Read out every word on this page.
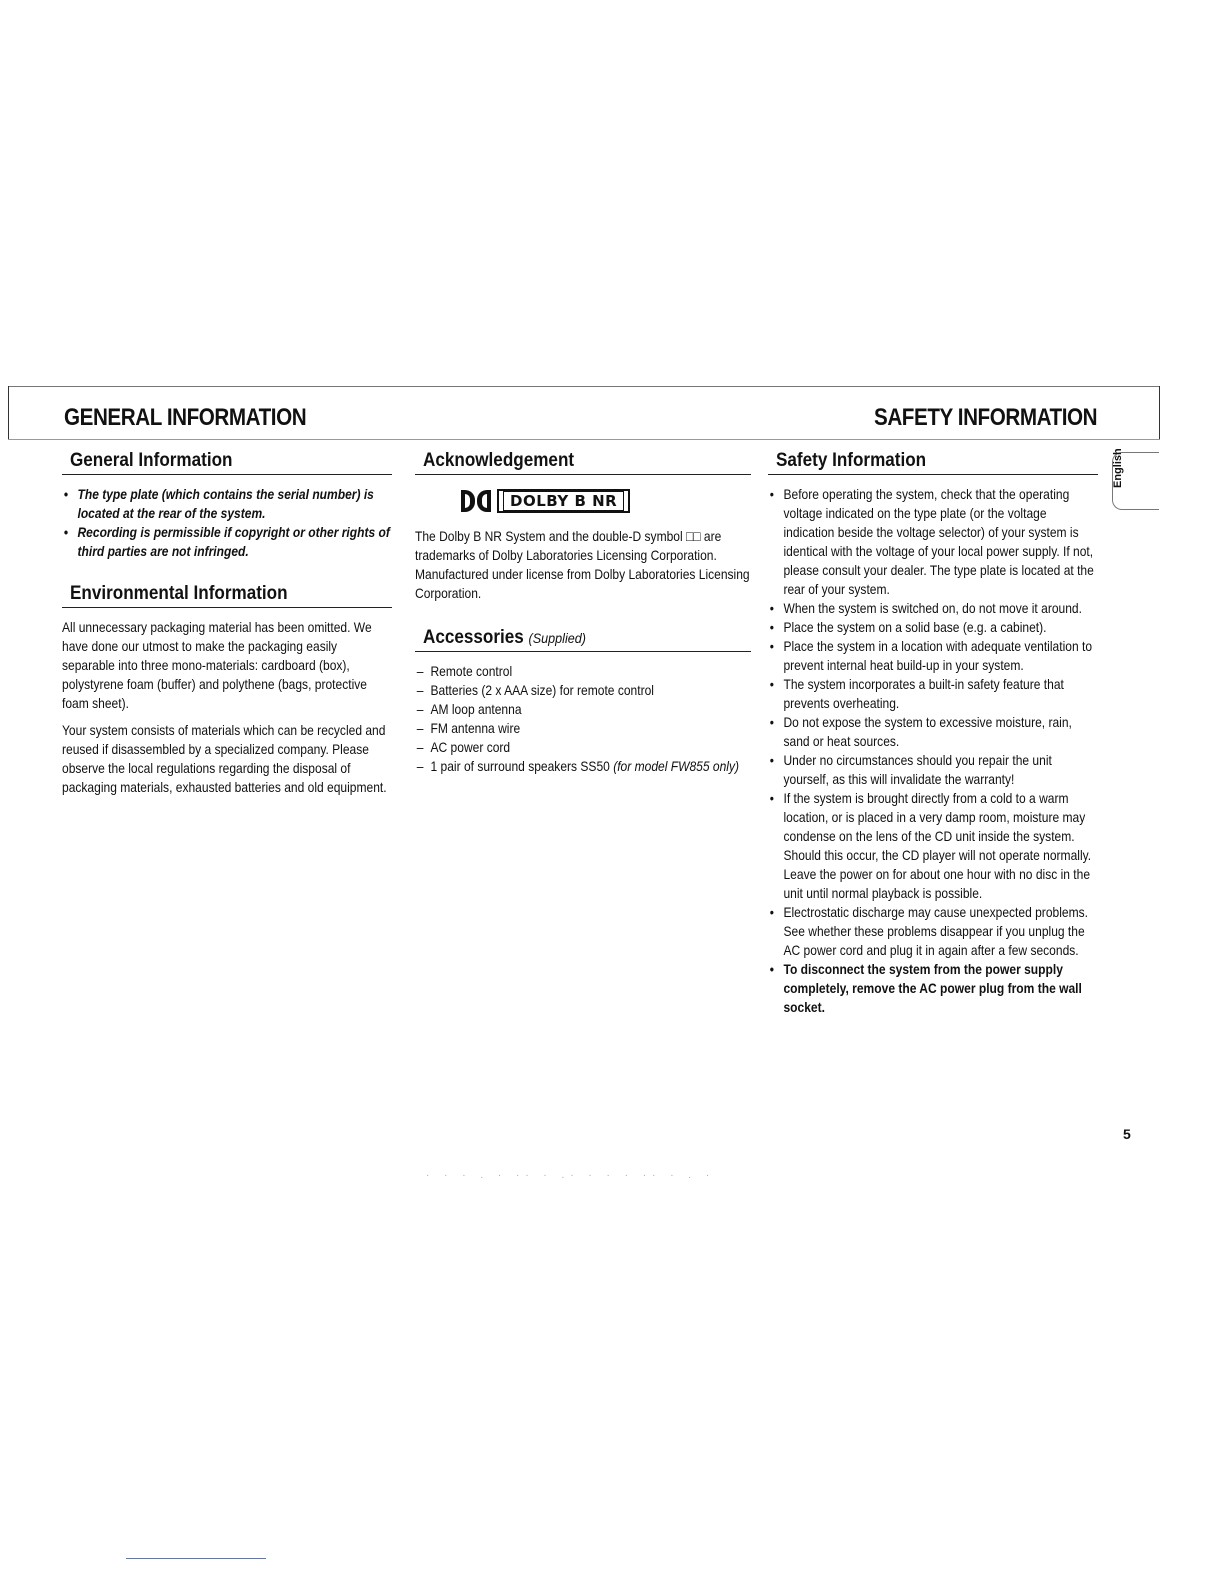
GENERAL INFORMATION	SAFETY INFORMATION
General Information
• The type plate (which contains the serial number) is located at the rear of the system.
• Recording is permissible if copyright or other rights of third parties are not infringed.
Environmental Information

All unnecessary packaging material has been omitted. We have done our utmost to make the packaging easily separable into three mono-materials: cardboard (box), polystyrene foam (buffer) and polythene (bags, protective foam sheet).

Your system consists of materials which can be recycled and reused if disassembled by a specialized company. Please observe the local regulations regarding the disposal of packaging materials, exhausted batteries and old equipment.

Acknowledgement
DOLBY B NR

The Dolby B NR System and the double-D symbol □□ are trademarks of Dolby Laboratories Licensing Corporation. Manufactured under license from Dolby Laboratories Licensing Corporation.

Accessories (Supplied)
– Remote control
– Batteries (2 x AAA size) for remote control
– AM loop antenna
– FM antenna wire
– AC power cord
– 1 pair of surround speakers SS50 (for model FW855 only)
Safety Information
• Before operating the system, check that the operating voltage indicated on the type plate (or the voltage indication beside the voltage selector) of your system is identical with the voltage of your local power supply. If not, please consult your dealer. The type plate is located at the rear of your system.
• When the system is switched on, do not move it around.
• Place the system on a solid base (e.g. a cabinet).
• Place the system in a location with adequate ventilation to prevent internal heat build-up in your system.
• The system incorporates a built-in safety feature that prevents overheating.
• Do not expose the system to excessive moisture, rain, sand or heat sources.
• Under no circumstances should you repair the unit yourself, as this will invalidate the warranty!
• If the system is brought directly from a cold to a warm location, or is placed in a very damp room, moisture may condense on the lens of the CD unit inside the system. Should this occur, the CD player will not operate normally. Leave the power on for about one hour with no disc in the unit until normal playback is possible.
• Electrostatic discharge may cause unexpected problems. See whether these problems disappear if you unplug the AC power cord and plug it in again after a few seconds.
• To disconnect the system from the power supply completely, remove the AC power plug from the wall socket.
English
5
· · · . · ·· · .· · · · ·· · . ·
